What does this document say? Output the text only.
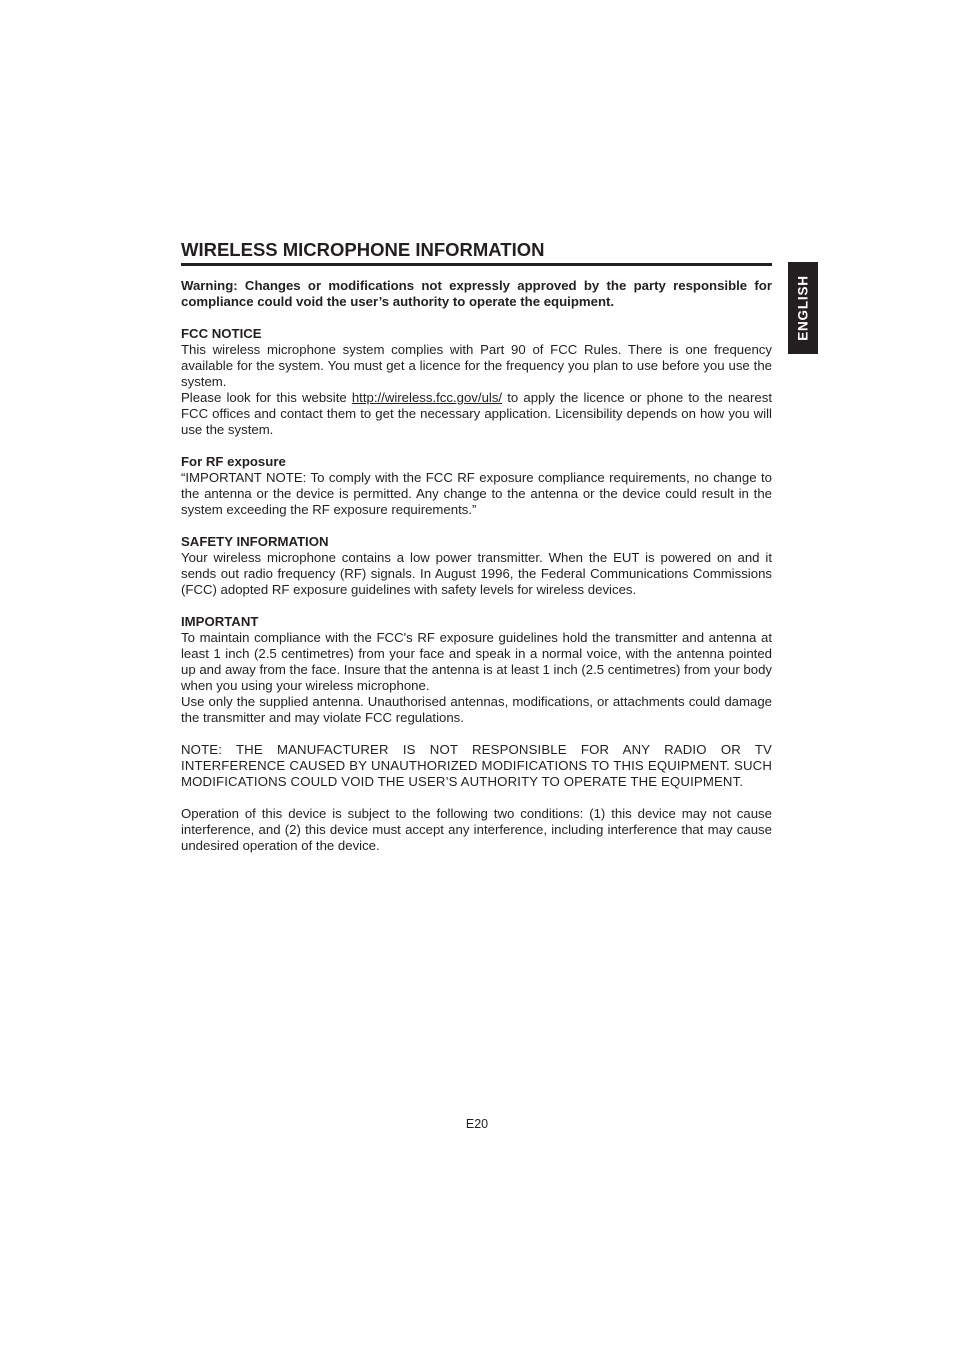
WIRELESS MICROPHONE INFORMATION

Warning: Changes or modifications not expressly approved by the party responsible for compliance could void the user’s authority to operate the equipment.

FCC NOTICE

This wireless microphone system complies with Part 90 of FCC Rules. There is one frequency available for the system. You must get a licence for the frequency you plan to use before you use the system.

Please look for this website http://wireless.fcc.gov/uls/ to apply the licence or phone to the nearest FCC offices and contact them to get the necessary application. Licensibility depends on how you will use the system.

For RF exposure

“IMPORTANT NOTE: To comply with the FCC RF exposure compliance requirements, no change to the antenna or the device is permitted. Any change to the antenna or the device could result in the system exceeding the RF exposure requirements.”

SAFETY INFORMATION

Your wireless microphone contains a low power transmitter. When the EUT is powered on and it sends out radio frequency (RF) signals. In August 1996, the Federal Communications Commissions (FCC) adopted RF exposure guidelines with safety levels for wireless devices.

IMPORTANT

To maintain compliance with the FCC's RF exposure guidelines hold the transmitter and antenna at least 1 inch (2.5 centimetres) from your face and speak in a normal voice, with the antenna pointed up and away from the face. Insure that the antenna is at least 1 inch (2.5 centimetres) from your body when you using your wireless microphone.

Use only the supplied antenna. Unauthorised antennas, modifications, or attachments could damage the transmitter and may violate FCC regulations.

NOTE: THE MANUFACTURER IS NOT RESPONSIBLE FOR ANY RADIO OR TV INTERFERENCE CAUSED BY UNAUTHORIZED MODIFICATIONS TO THIS EQUIPMENT. SUCH MODIFICATIONS COULD VOID THE USER’S AUTHORITY TO OPERATE THE EQUIPMENT.

Operation of this device is subject to the following two conditions: (1) this device may not cause interference, and (2) this device must accept any interference, including interference that may cause undesired operation of the device.

ENGLISH
E20
